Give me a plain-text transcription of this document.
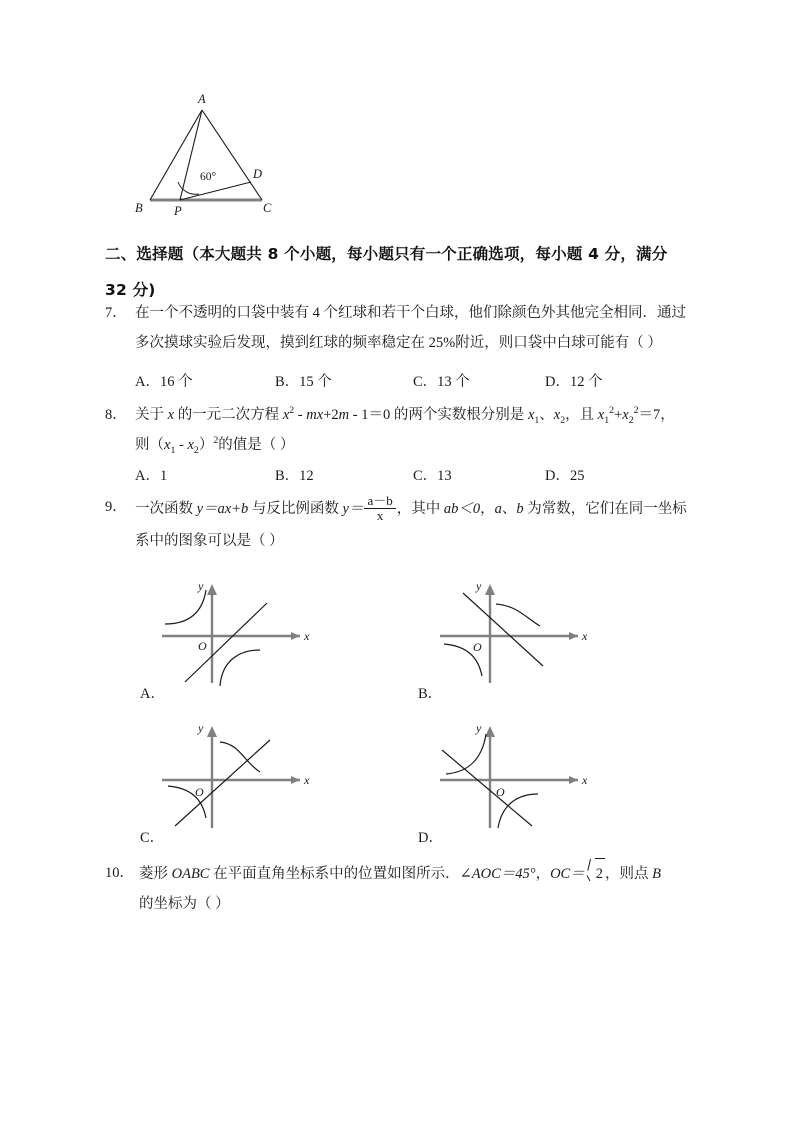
A
B	C
D
P
60°
二、选择题（本大题共 8 个小题，每小题只有一个正确选项，每小题 4 分，满分 32 分)
7． 在一个不透明的口袋中装有 4 个红球和若干个白球，他们除颜色外其他完全相同．通过
多次摸球实验后发现，摸到红球的频率稳定在 25%附近，则口袋中白球可能有（ ）
A．16 个	B．15 个	C．13 个	D．12 个
8． 关于 x 的一元二次方程 $x^2 - mx+2m - 1=0$ 的两个实数根分别是 $x_1$、$x_2$，且 $x_1^2+x_2^2=7$，
则$(x_1 - x_2)^2$的值是（ ）
A．1	B．12	C．13	D．25
9． 一次函数 y＝ax+b 与反比例函数 $y= \frac{a-b}{x}$ ，其中 ab＜0，a、b 为常数，它们在同一坐标
系中的图象可以是（ ）
y
x
O
A．
y
x
O
B．
y
x
O
C．
y
x
O
D．
10． 菱形 OABC 在平面直角坐标系中的位置如图所示．∠AOC＝45°，OC＝ 2 ，则点 B
的坐标为（ ）
